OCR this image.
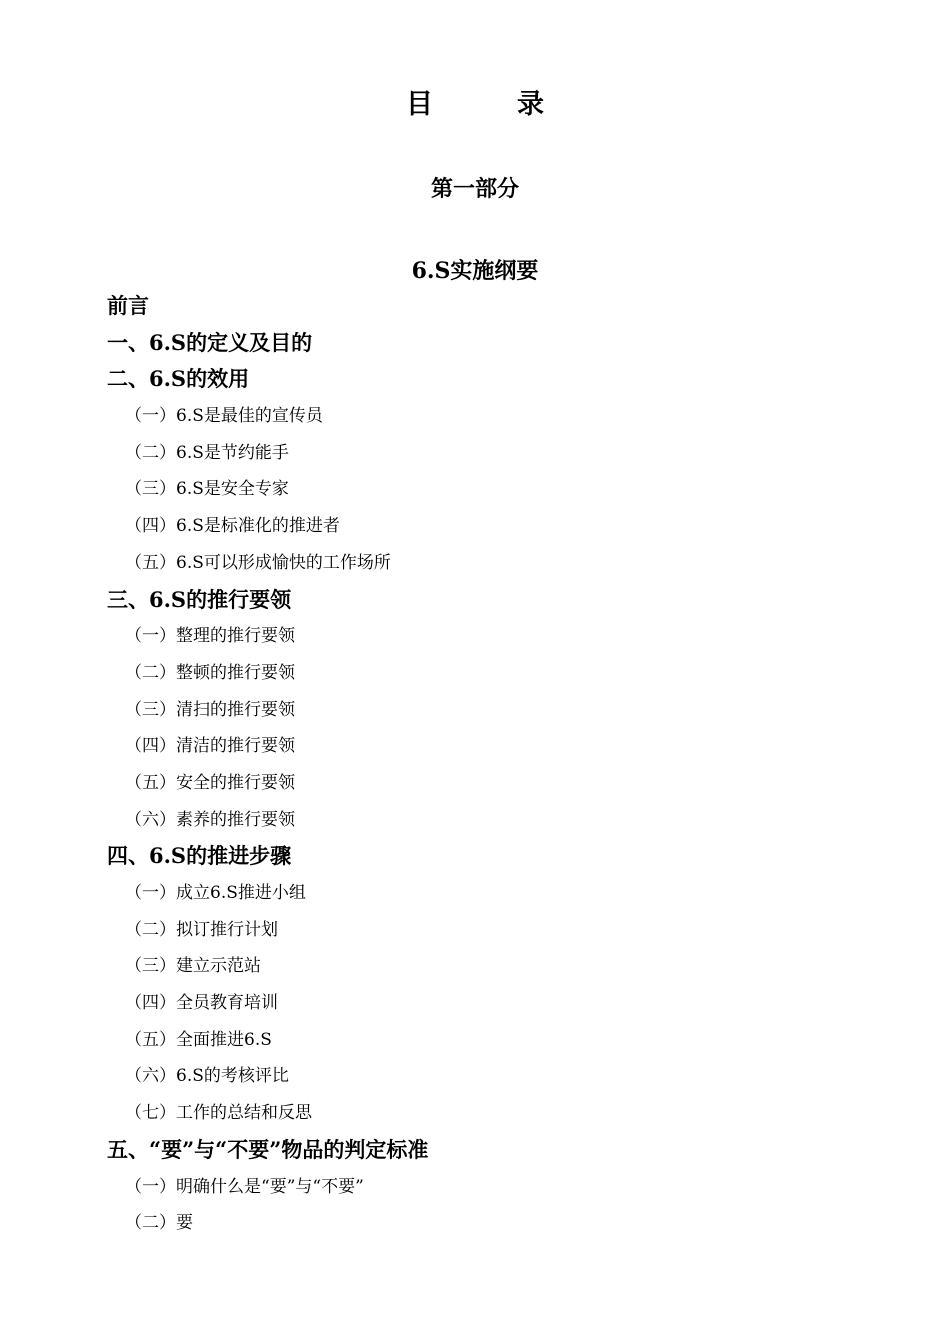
目	录
第一部分
6.S实施纲要
前言
一、6.S的定义及目的
二、6.S的效用
（一）6.S是最佳的宣传员
（二）6.S是节约能手
（三）6.S是安全专家
（四）6.S是标准化的推进者
（五）6.S可以形成愉快的工作场所
三、6.S的推行要领
（一）整理的推行要领
（二）整顿的推行要领
（三）清扫的推行要领
（四）清洁的推行要领
（五）安全的推行要领
（六）素养的推行要领
四、6.S的推进步骤
（一）成立6.S推进小组
（二）拟订推行计划
（三）建立示范站
（四）全员教育培训
（五）全面推进6.S
（六）6.S的考核评比
（七）工作的总结和反思
五、“要”与“不要”物品的判定标准
（一）明确什么是“要”与“不要”
（二）要
